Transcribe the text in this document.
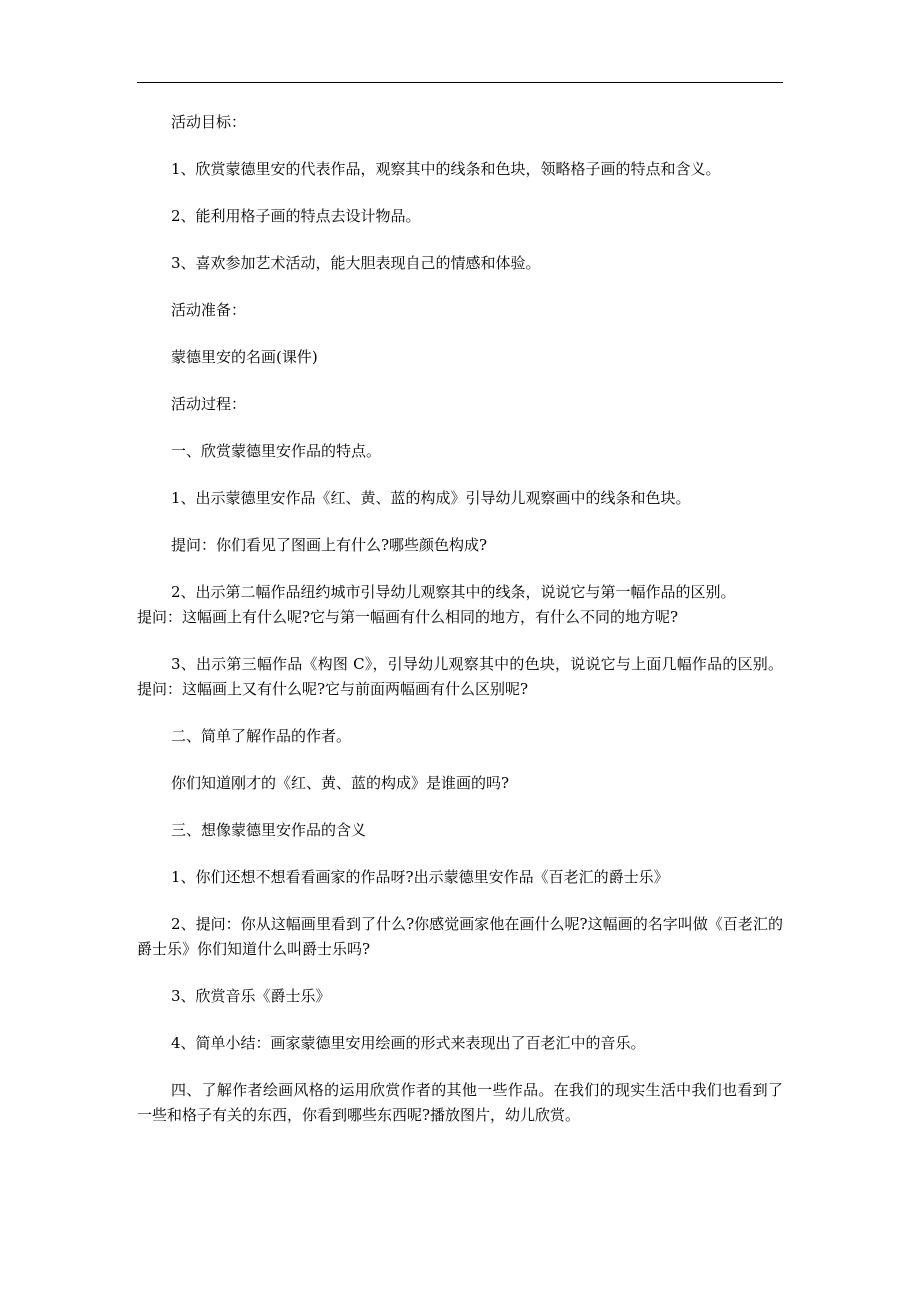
活动目标：

1、欣赏蒙德里安的代表作品，观察其中的线条和色块，领略格子画的特点和含义。

2、能利用格子画的特点去设计物品。

3、喜欢参加艺术活动，能大胆表现自己的情感和体验。

活动准备：

蒙德里安的名画(课件)

活动过程：

一、欣赏蒙德里安作品的特点。

1、出示蒙德里安作品《红、黄、蓝的构成》引导幼儿观察画中的线条和色块。

提问：你们看见了图画上有什么?哪些颜色构成?

2、出示第二幅作品纽约城市引导幼儿观察其中的线条，说说它与第一幅作品的区别。

提问：这幅画上有什么呢?它与第一幅画有什么相同的地方，有什么不同的地方呢?

3、出示第三幅作品《构图 C》，引导幼儿观察其中的色块，说说它与上面几幅作品的区别。提问：这幅画上又有什么呢?它与前面两幅画有什么区别呢?

二、简单了解作品的作者。

你们知道刚才的《红、黄、蓝的构成》是谁画的吗?

三、想像蒙德里安作品的含义

1、你们还想不想看看画家的作品呀?出示蒙德里安作品《百老汇的爵士乐》

2、提问：你从这幅画里看到了什么?你感觉画家他在画什么呢?这幅画的名字叫做《百老汇的爵士乐》你们知道什么叫爵士乐吗?

3、欣赏音乐《爵士乐》

4、简单小结：画家蒙德里安用绘画的形式来表现出了百老汇中的音乐。

四、了解作者绘画风格的运用欣赏作者的其他一些作品。在我们的现实生活中我们也看到了一些和格子有关的东西，你看到哪些东西呢?播放图片，幼儿欣赏。
